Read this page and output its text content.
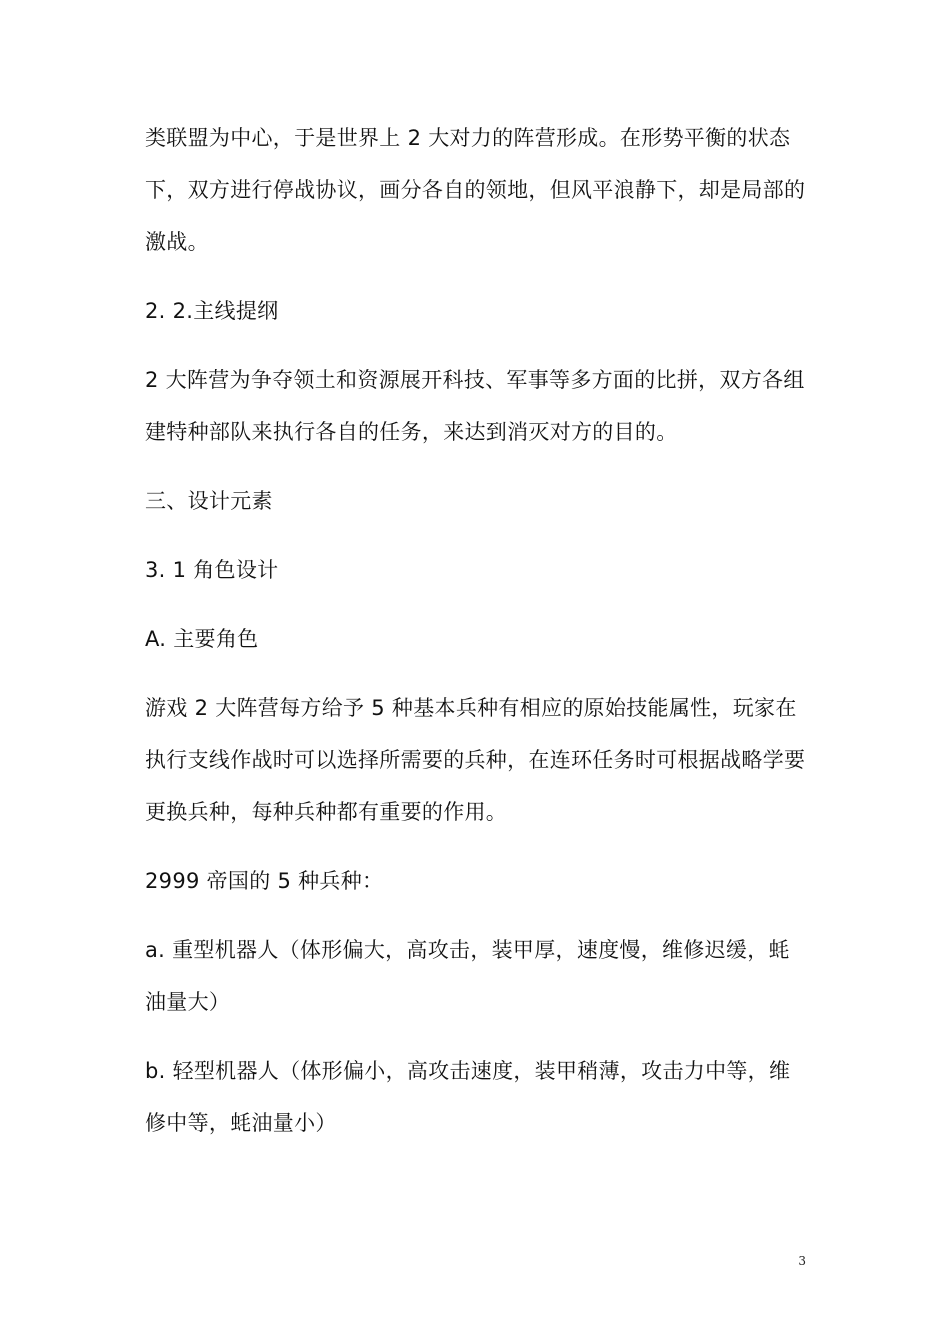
类联盟为中心，于是世界上 2 大对力的阵营形成。在形势平衡的状态下，双方进行停战协议，画分各自的领地，但风平浪静下，却是局部的激战。

2. 2.主线提纲

2 大阵营为争夺领土和资源展开科技、军事等多方面的比拼，双方各组建特种部队来执行各自的任务，来达到消灭对方的目的。

三、设计元素

3. 1 角色设计

A. 主要角色

游戏 2 大阵营每方给予 5 种基本兵种有相应的原始技能属性，玩家在执行支线作战时可以选择所需要的兵种，在连环任务时可根据战略学要更换兵种，每种兵种都有重要的作用。

2999 帝国的 5 种兵种：

a. 重型机器人（体形偏大，高攻击，装甲厚，速度慢，维修迟缓，蚝油量大）

b. 轻型机器人（体形偏小，高攻击速度，装甲稍薄，攻击力中等，维修中等，蚝油量小）

3
